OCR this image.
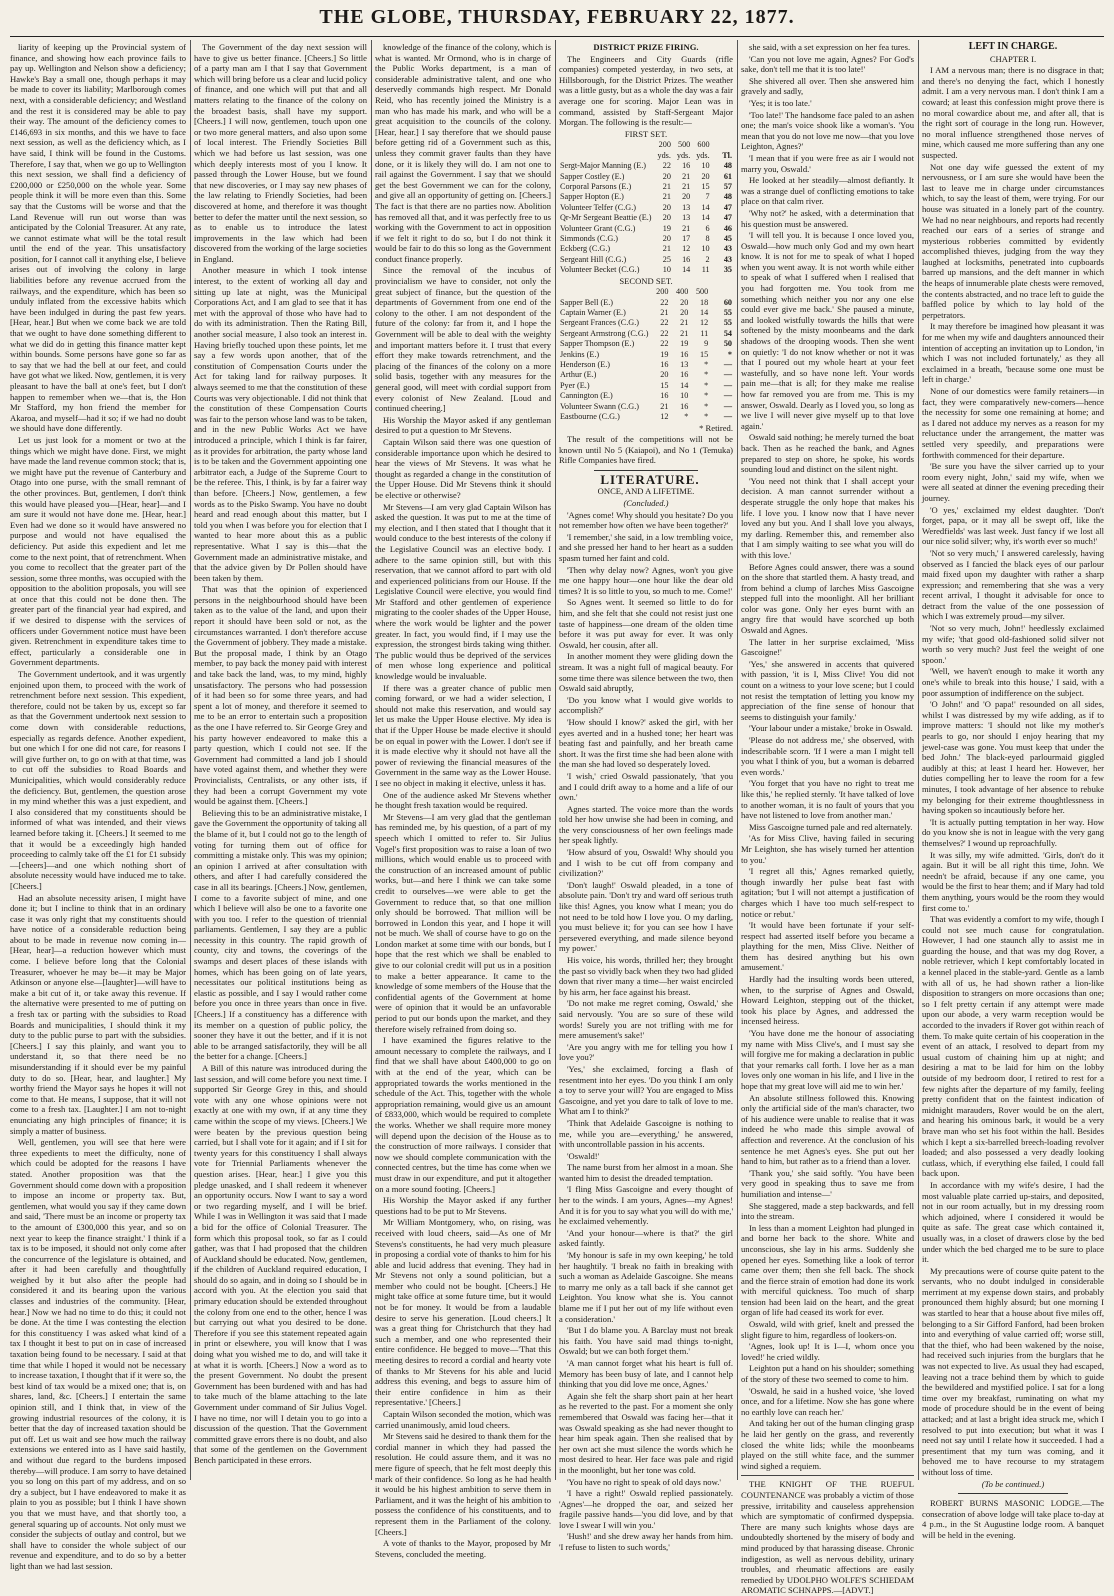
THE GLOBE, THURSDAY, FEBRUARY 22, 1877.

liarity of keeping up the Provincial system of finance, and showing how each province fails to pay up. Wellington and Nelson show a deficiency; Hawke's Bay a small one, though perhaps it may be made to cover its liability; Marlborough comes next, with a considerable deficiency; and Westland and the rest it is considered may be able to pay their way. The amount of the deficiency comes to £146,693 in six months, and this we have to face next session, as well as the deficiency which, as I have said, I think will be found in the Customs. Therefore, I say that, when we go up to Wellington this next session, we shall find a deficiency of £200,000 or £250,000 on the whole year. Some people think it will be more even than this. Some say that the Customs will be worse and that the Land Revenue will run out worse than was anticipated by the Colonial Treasurer. At any rate, we cannot estimate what will be the total result until the end of the year. This unsatisfactory position, for I cannot call it anything else, I believe arises out of involving the colony in large liabilities before any revenue accrued from the railways, and the expenditure, which has been so unduly inflated from the excessive habits which have been indulged in during the past few years. [Hear, hear.] But when we come back we are told that we ought to have done something different to what we did do in getting this finance matter kept within bounds. Some persons have gone so far as to say that we had the bell at our feet, and could have got what we liked. Now, gentlemen, it is very pleasant to have the ball at one's feet, but I don't happen to remember when we—that is, the Hon Mr Stafford, my hon friend the member for Akaroa, and myself—had it so; if we had no doubt we should have done differently.

Let us just look for a moment or two at the things which we might have done. First, we might have made the land revenue common stock; that is, we might have put the revenue of Canterbury and Otago into one purse, with the small remnant of the other provinces. But, gentlemen, I don't think this would have pleased you—[Hear, hear]—and I am sure it would not have done me. [Hear, hear.] Even had we done so it would have answered no purpose and would not have equalised the deficiency. Put aside this expedient and let me come to the next point, that of retrenchment. When you come to recollect that the greater part of the session, some three months, was occupied with the opposition to the abolition proposals, you will see at once that this could not be done then. The greater part of the financial year had expired, and if we desired to dispense with the services of officers under Government notice must have been given. Retrenchment in expenditure takes time to effect, particularly a considerable one in Government departments.

The Government undertook, and it was urgently enjoined upon them, to proceed with the work of retrenchment before next session. This expedient, therefore, could not be taken by us, except so far as that the Government undertook next session to come down with considerable reductions, especially as regards defence. Another expedient, but one which I for one did not care, for reasons I will give further on, to go on with at that time, was to cut off the subsidies to Road Boards and Municipalities, which would considerably reduce the deficiency. But, gentlemen, the question arose in my mind whether this was a just expedient, and I also considered that my constituents should be informed of what was intended, and their views learned before taking it. [Cheers.] It seemed to me that it would be a exceedingly high handed proceeding to calmly take off the £1 for £1 subsidy—[cheers]—and one which nothing short of absolute necessity would have induced me to take. [Cheers.]

Had an absolute necessity arisen, I might have done it; but I incline to think that in an ordinary case it was only right that my constituents should have notice of a considerable reduction being about to be made in revenue now coming in—[Hear, hear]—a reduction however which must come. I believe before long that the Colonial Treasurer, whoever he may be—it may be Major Atkinson or anyone else—[laughter]—will have to make a bit cut of it, or take away this revenue. If the alternative were presented to me of putting on a fresh tax or parting with the subsidies to Road Boards and municipalities, I should think it my duty to the public purse to part with the subsidies. [Cheers.] I say this plainly, and want you to understand it, so that there need be no misunderstanding if it should ever be my painful duty to do so. [Hear, hear, and laughter.] My worthy friend the Mayor says he hopes it will not come to that. He means, I suppose, that it will not come to a fresh tax. [Laughter.] I am not to-night enunciating any high principles of finance; it is simply a matter of business.

Well, gentlemen, you will see that here were three expedients to meet the difficulty, none of which could be adopted for the reasons I have stated. Another proposition was that the Government should come down with a proposition to impose an income or property tax. But, gentlemen, what would you say if they came down and said, 'There must be an income or property tax to the amount of £300,000 this year, and so on next year to keep the finance straight.' I think if a tax is to be imposed, it should not only come after the concurrence of the legislature is obtained, and after it had been carefully and thoughtfully weighed by it but also after the people had considered it and its bearing upon the various classes and industries of the community. [Hear, hear.] Now we had no time to do this; it could not be done. At the time I was contesting the election for this constituency I was asked what kind of a tax I thought it best to put on in case of increased taxation being found to be necessary. I said at that time that while I hoped it would not be necessary to increase taxation, I thought that if it were so, the best kind of tax would be a mixed one; that is, on shares, land, &c. [Cheers.] I entertain the same opinion still, and I think that, in view of the growing industrial resources of the colony, it is better that the day of increased taxation should be put off. Let us wait and see how much the railway extensions we entered into as I have said hastily, and without due regard to the burdens imposed thereby—will produce. I am sorry to have detained you so long on this part of my address, and on so dry a subject, but I have endeavored to make it as plain to you as possible; but I think I have shown you that we must have, and that shortly too, a general squaring up of accounts. Not only must we consider the subjects of outlay and control, but we shall have to consider the whole subject of our revenue and expenditure, and to do so by a better light than we had last session.

The Government of the day next session will have to give us better finance. [Cheers.] So little of a party man am I that I say that Government which will bring before us a clear and lucid policy of finance, and one which will put that and all matters relating to the finance of the colony on the broadest basis, shall have my support. [Cheers.] I will now, gentlemen, touch upon one or two more general matters, and also upon some of local interest. The Friendly Societies Bill which we had before us last session, was one which deeply interests most of you I know. It passed through the Lower House, but we found that new discoveries, or I may say new phases of the law relating to Friendly Societies, had been discovered at home, and therefore it was thought better to defer the matter until the next session, so as to enable us to introduce the latest improvements in the law which had been discovered from the working of the large societies in England.

Another measure in which I took intense interest, to the extent of working all day and sitting up late at night, was the Municipal Corporations Act, and I am glad to see that it has met with the approval of those who have had to do with its administration. Then the Rating Bill, another social measure, I also took an interest in. Having briefly touched upon these points, let me say a few words upon another, that of the constitution of Compensation Courts under the Act for taking land for railway purposes. It always seemed to me that the constitution of these Courts was very objectionable. I did not think that the constitution of these Compensation Courts was fair to the person whose land was to be taken, and in the new Public Works Act we have introduced a principle, which I think is far fairer, as it provides for arbitration, the party whose land is to be taken and the Government appointing one arbitrator each, a Judge of the Supreme Court to be the referee. This, I think, is by far a fairer way than before. [Cheers.] Now, gentlemen, a few words as to the Pisko Swamp. You have no doubt heard and read enough about this matter, but I told you when I was before you for election that I wanted to hear more about this as a public representative. What I say is this—that the Government made an administrative mistake, and that the advice given by Dr Pollen should have been taken by them.

That was that the opinion of experienced persons in the neighbourhood should have been taken as to the value of the land, and upon their report it should have been sold or not, as the circumstances warranted. I don't therefore accuse the Government of jobbery. They made a mistake. But the proposal made, I think by an Otago member, to pay back the money paid with interest and take back the land, was, to my mind, highly unsatisfactory. The persons who had possession of it had been so for some three years, and had spent a lot of money, and therefore it seemed to me to be an error to entertain such a proposition as the one I have referred to. Sir George Grey and his party however endeavored to make this a party question, which I could not see. If the Government had committed a land job I should have voted against them, and whether they were Provincialists, Centralists, or any other ists, if they had been a corrupt Government my vote would be against them. [Cheers.]

Believing this to be an administrative mistake, I gave the Government the opportunity of taking all the blame of it, but I could not go to the length of voting for turning them out of office for committing a mistake only. This was my opinion; an opinion I arrived at after consultation with others, and after I had carefully considered the case in all its bearings. [Cheers.] Now, gentlemen, I come to a favorite subject of mine, and one which I believe will also be one to a favorite one with you too. I refer to the question of triennial parliaments. Gentlemen, I say they are a public necessity in this country. The rapid growth of county, city and towns, the coverings of the swamps and desert places of these islands with homes, which has been going on of late years, necessitates our political institutions being as elastic as possible, and I say I would rather come before you once in three years than once in five. [Cheers.] If a constituency has a difference with its member on a question of public policy, the sooner they have it out the better, and if it is not able to be arranged satisfactorily, they will be all the better for a change. [Cheers.]

A Bill of this nature was introduced during the last session, and will come before you next time. I supported Sir George Grey in this, and should vote with any one whose opinions were not exactly at one with my own, if at any time they came within the scope of my views. [Cheers.] We were beaten by the previous question being carried, but I shall vote for it again; and if I sit for twenty years for this constituency I shall always vote for Triennial Parliaments whenever the question arises. [Hear, hear.] I give you this pledge unasked, and I shall redeem it whenever an opportunity occurs. Now I want to say a word or two regarding myself, and I will be brief. While I was in Wellington it was said that I made a bid for the office of Colonial Treasurer. The form which this proposal took, so far as I could gather, was that I had proposed that the children of Auckland should be educated. Now, gentlemen, if the children of Auckland required education, I should do so again, and in doing so I should be in accord with you. At the election you said that primary education should be extended throughout the colony from one end to the other, hence I was but carrying out what you desired to be done. Therefore if you see this statement repeated again in print or elsewhere, you will know that I was doing what you wished me to do, and will take it at what it is worth. [Cheers.] Now a word as to the present Government. No doubt the present Government has been burdened with and has had to take much of the blame attaching to the late Government under command of Sir Julius Vogel. I have no time, nor will I detain you to go into a discussion of the question. That the Government committed grave errors there is no doubt, and also that some of the gentlemen on the Government Bench participated in these errors.

knowledge of the finance of the colony, which is what is wanted. Mr Ormond, who is in charge of the Public Works department, is a man of considerable administrative talent, and one who deservedly commands high respect. Mr Donald Reid, who has recently joined the Ministry is a man who has made his mark, and who will be a great acquisition to the councils of the colony. [Hear, hear.] I say therefore that we should pause before getting rid of a Government such as this, unless they commit graver faults than they have done, or it is likely they will do. I am not one to rail against the Government. I say that we should get the best Government we can for the colony, and give all an opportunity of getting on. [Cheers.] The fact is that there are no parties now. Abolition has removed all that, and it was perfectly free to us working with the Government to act in opposition if we felt it right to do so, but I do not think it would be fair to do this so long as the Government conduct finance properly.

Since the removal of the incubus of provincialism we have to consider, not only the great subject of finance, but the question of the departments of Government from one end of the colony to the other. I am not despondent of the future of the colony: far from it, and I hope the Government will be able to deal with the weighty and important matters before it. I trust that every effort they make towards retrenchment, and the placing of the finances of the colony on a more solid basis, together with any measures for the general good, will meet with cordial support from every colonist of New Zealand. [Loud and continued cheering.]

His Worship the Mayor asked if any gentleman desired to put a question to Mr Stevens.

Captain Wilson said there was one question of considerable importance upon which he desired to hear the views of Mr Stevens. It was what he thought as regarded a change in the constitution of the Upper House. Did Mr Stevens think it should be elective or otherwise?

Mr Stevens—I am very glad Captain Wilson has asked the question. It was put to me at the time of my election, and I then stated that I thought that it would conduce to the best interests of the colony if the Legislative Council was an elective body. I adhere to the same opinion still, but with this reservation, that we cannot afford to part with old and experienced politicians from our House. If the Legislative Council were elective, you would find Mr Stafford and other gentlemen of experience migrating to the cooler shades of the Upper House, where the work would be lighter and the power greater. In fact, you would find, if I may use the expression, the strongest birds taking wing thither. The public would thus be deprived of the services of men whose long experience and political knowledge would be invaluable.

If there was a greater chance of public men coming forward, or we had a wider selection, I should not make this reservation, and would say let us make the Upper House elective. My idea is that if the Upper House be made elective it should be on equal in power with the Lower. I don't see if it is made elective why it should not have all the power of reviewing the financial measures of the Government in the same way as the Lower House. I see no object in making it elective, unless it has.

One of the audience asked Mr Stevens whether he thought fresh taxation would be required.

Mr Stevens—I am very glad that the gentleman has reminded me, by his question, of a part of my speech which I omitted to refer to. Sir Julius Vogel's first proposition was to raise a loan of two millions, which would enable us to proceed with the construction of an increased amount of public works, but—and here I think we can take some credit to ourselves—we were able to get the Government to reduce that, so that one million only should be borrowed. That million will be borrowed in London this year, and I hope it will not be much. We shall of course have to go on the London market at some time with our bonds, but I hope that the rest which we shall be enabled to give to our colonial credit will put us in a position to make a better appearance. It came to the knowledge of some members of the House that the confidential agents of the Government at home were of opinion that it would be an unfavorable period to put our bonds upon the market, and they therefore wisely refrained from doing so.

I have examined the figures relative to the amount necessary to complete the railways, and I find that we shall have about £400,000 to go on with at the end of the year, which can be appropriated towards the works mentioned in the schedule of the Act. This, together with the whole appropriation remaining, would give us an amount of £833,000, which would be required to complete the works. Whether we shall require more money will depend upon the decision of the House as to the construction of more railways. I consider that now we should complete communication with the connected centres, but the time has come when we must draw in our expenditure, and put it altogether on a more sound footing. [Cheers.]

His Worship the Mayor asked if any further questions had to be put to Mr Stevens.

Mr William Montgomery, who, on rising, was received with loud cheers, said—As one of Mr Stevens's constituents, he had very much pleasure in proposing a cordial vote of thanks to him for his able and lucid address that evening. They had in Mr Stevens not only a sound politician, but a member who could not be bought. [Cheers.] He might take office at some future time, but it would not be for money. It would be from a laudable desire to serve his generation. [Loud cheers.] It was a great thing for Christchurch that they had such a member, and one who represented their entire confidence. He begged to move—'That this meeting desires to record a cordial and hearty vote of thanks to Mr Stevens for his able and lucid address this evening, and begs to assure him of their entire confidence in him as their representative.' [Cheers.]

Captain Wilson seconded the motion, which was carried unanimously, amid loud cheers.

Mr Stevens said he desired to thank them for the cordial manner in which they had passed the resolution. He could assure them, and it was no mere figure of speech, that he felt most deeply this mark of their confidence. So long as he had health it would be his highest ambition to serve them in Parliament, and it was the height of his ambition to possess the confidence of his constituents, and to represent them in the Parliament of the colony. [Cheers.]

A vote of thanks to the Mayor, proposed by Mr Stevens, concluded the meeting.

DISTRICT PRIZE FIRING.

The Engineers and City Guards (rifle companies) competed yesterday, in two sets, at Hillsborough, for the District Prizes. The weather was a little gusty, but as a whole the day was a fair average one for scoring. Major Lean was in command, assisted by Staff-Sergeant Major Morgan. The following is the result:—

FIRST SET.

	200	500	600	
	yds.	yds.	yds.	Tl.
Sergt-Major Manning (E.)	22	16	10	48
Sapper Costley (E.)	20	21	20	61
Corporal Parsons (E.)	21	21	15	57
Sapper Hopton (E.)	21	20	7	48
Volunteer Telfer (C.G.)	20	13	14	47
Qr-Mr Sergeant Beattie (E.)	20	13	14	47
Volunteer Grant (C.G.)	19	21	6	46
Simmonds (C.G.)	20	17	8	45
Eckberg (C.G.)	21	12	10	43
Sergeant Hill (C.G.)	25	16	2	43
Volunteer Becket (C.G.)	10	14	11	35

SECOND SET.

	200	400	500	
Sapper Bell (E.)	22	20	18	60
Captain Warner (E.)	21	20	14	55
Sergeant Frances (C.G.)	22	21	12	55
Sergeant Armstrong (C.G.)	22	21	11	54
Sapper Thompson (E.)	22	19	9	50
Jenkins (E.)	19	16	15	*
Henderson (E.)	16	13	*	—
Arthur (E.)	20	16	*	—
Pyer (E.)	15	14	*	—
Cannington (E.)	16	10	*	—
Volunteer Swann (C.G.)	21	16	*	—
Eastbourne (C.G.)	12	*	*	—

* Retired.

The result of the competitions will not be known until No 5 (Kaiapoi), and No 1 (Temuka) Rifle Companies have fired.

LITERATURE.

ONCE, AND A LIFETIME.

(Concluded.)

'Agnes come! Why should you hesitate? Do you not remember how often we have been together?'

'I remember,' she said, in a low trembling voice, and she pressed her hand to her heart as a sudden spasm turned her faint and cold.

'Then why delay now? Agnes, won't you give me one happy hour—one hour like the dear old times? It is so little to you, so much to me. Come!'

So Agnes went. It seemed so little to do for him, and she felt that she could not resist just one taste of happiness—one dream of the olden time before it was put away for ever. It was only Oswald, her cousin, after all.

In another moment they were gliding down the stream. It was a night full of magical beauty. For some time there was silence between the two, then Oswald said abruptly,

'Do you know what I would give worlds to accomplish?'

'How should I know?' asked the girl, with her eyes averted and in a hushed tone; her heart was beating fast and painfully, and her breath came short. It was the first time she had been alone with the man she had loved so desperately loved.

'I wish,' cried Oswald passionately, 'that you and I could drift away to a home and a life of our own.'

Agnes started. The voice more than the words told her how unwise she had been in coming, and the very consciousness of her own feelings made her speak lightly.

'How absurd of you, Oswald! Why should you and I wish to be cut off from company and civilization?'

'Don't laugh!' Oswald pleaded, in a tone of absolute pain. 'Don't try and ward off serious truth like this! Agnes, you know what I mean; you do not need to be told how I love you. O my darling, you must believe it; for you can see how I have persevered everything, and made silence beyond my power.'

His voice, his words, thrilled her; they brought the past so vividly back when they two had glided down that river many a time—her waist encircled by his arm, her face against his breast.

'Do not make me regret coming, Oswald,' she said nervously. 'You are so sure of these wild words! Surely you are not trifling with me for mere amusement's sake!'

'Are you angry with me for telling you how I love you?'

'Yes,' she exclaimed, forcing a flash of resentment into her eyes. 'Do you think I am only a toy to serve your will? You are engaged to Miss Gascoigne, and yet you dare to talk of love to me. What am I to think?'

'Think that Adelaide Gascoigne is nothing to me, while you are—everything,' he answered, with uncontrollable passion in his accents.

'Oswald!'

The name burst from her almost in a moan. She wanted him to desist the dreaded temptation.

'I fling Miss Gascoigne and every thought of her to the winds. I am yours, Agnes—my Agnes! And it is for you to say what you will do with me,' he exclaimed vehemently.

'And your honour—where is that?' the girl asked faintly.

'My honour is safe in my own keeping,' he told her haughtily. 'I break no faith in breaking with such a woman as Adelaide Gascoigne. She means to marry me only as a tall back if she cannot get Leighton. You know what she is. You cannot blame me if I put her out of my life without even a consideration.'

'But I do blame you. A Barclay must not break his faith. You have said mad things to-night, Oswald; but we can both forget them.'

'A man cannot forget what his heart is full of. Memory has been busy of late, and I cannot help thinking that you did love me once, Agnes.'

Again she felt the sharp short pain at her heart as he reverted to the past. For a moment she only remembered that Oswald was facing her—that it was Oswald speaking as she had never thought to hear him speak again. Then she realised that by her own act she must silence the words which he most desired to hear. Her face was pale and rigid in the moonlight, but her tone was cold.

'You have no right to speak of old days now.'

'I have a right!' Oswald replied passionately. 'Agnes'—he dropped the oar, and seized her fragile passive hands—'you did love, and by that love I swear I will win you.'

'Hush!' and she drew away her hands from him. 'I refuse to listen to such words,'

she said, with a set expression on her fea tures.

'Can you not love me again, Agnes? For God's sake, don't tell me that it is too late!'

She shivered all over. Then she answered him gravely and sadly,

'Yes; it is too late.'

'Too late!' The handsome face paled to an ashen one; the man's voice shook like a woman's. 'You mean that you do not love me now—that you love Leighton, Agnes?'

'I mean that if you were free as air I would not marry you, Oswald.'

He looked at her steadily—almost defiantly. It was a strange duel of conflicting emotions to take place on that calm river.

'Why not?' he asked, with a determination that his question must be answered.

'I will tell you. It is because I once loved you, Oswald—how much only God and my own heart know. It is not for me to speak of what I hoped when you went away. It is not worth while either to speak of what I suffered when I realised that you had forgotten me. You took from me something which neither you nor any one else could ever give me back.' She paused a minute, and looked wistfully towards the hills that were softened by the misty moonbeams and the dark shadows of the drooping woods. Then she went on quietly: 'I do not know whether or not it was that I poured out my whole heart at your feet wastefully, and so have none left. Your words pain me—that is all; for they make me realise how far removed you are from me. This is my answer, Oswald. Dearly as I loved you, so long as we live I will never give myself up to that love again.'

Oswald said nothing; he merely turned the boat back. Then as he reached the bank, and Agnes prepared to step on shore, he spoke, his words sounding loud and distinct on the silent night.

'You need not think that I shall accept your decision. A man cannot surrender without a desperate struggle the only hope that makes his life. I love you. I know now that I have never loved any but you. And I shall love you always, my darling. Remember this, and remember also that I am simply waiting to see what you will do with this love.'

Before Agnes could answer, there was a sound on the shore that startled them. A hasty tread, and from behind a clump of larches Miss Gascoigne stepped full into the moonlight. All her brilliant color was gone. Only her eyes burnt with an angry fire that would have scorched up both Oswald and Agnes.

The latter in her surprise exclaimed, 'Miss Gascoigne!'

'Yes,' she answered in accents that quivered with passion, 'it is I, Miss Clive! You did not count on a witness to your love scene; but I could not resist the temptation of letting you know my appreciation of the fine sense of honour that seems to distinguish your family.'

'Your labour under a mistake,' broke in Oswald.

'Please do not address me,' she observed, with indescribable scorn. 'If I were a man I might tell you what I think of you, but a woman is debarred even words.'

'You forget that you have no right to treat me like this,' he replied sternly. 'It have talked of love to another woman, it is no fault of yours that you have not listened to love from another man.'

Miss Gascoigne turned pale and red alternately.

'As for Miss Clive, having failed in securing Mr Leighton, she has wisely turned her attention to you.'

'I regret all this,' Agnes remarked quietly, though inwardly her pulse beat fast with agitation; 'but I will not attempt a justification of charges which I have too much self-respect to notice or rebut.'

'It would have been fortunate if your self-respect had asserted itself before you became a plaything for the men, Miss Clive. Neither of them has desired anything but his own amusement.'

Hardly had the insulting words been uttered, when, to the surprise of Agnes and Oswald, Howard Leighton, stepping out of the thicket, took his place by Agnes, and addressed the incensed heiress.

'You have done me the honour of associating my name with Miss Clive's, and I must say she will forgive me for making a declaration in public that your remarks call forth. I love her as a man loves only one woman in his life, and I live in the hope that my great love will aid me to win her.'

An absolute stillness followed this. Knowing only the artificial side of the man's character, two of his audience were unable to realise that it was indeed he who made this simple avowal of affection and reverence. At the conclusion of his sentence he met Agnes's eyes. She put out her hand to him, but rather as to a friend than a lover.

'Thank you,' she said softly. 'You have been very good in speaking thus to save me from humiliation and intense—'

She staggered, made a step backwards, and fell into the stream.

In less than a moment Leighton had plunged in and borne her back to the shore. White and unconscious, she lay in his arms. Suddenly she opened her eyes. Something like a look of terror came over them; then she fell back. The shock and the fierce strain of emotion had done its work with merciful quickness. Too much of sharp tension had been laid on the heart, and the great organ of life had ceased its work for ever.

Oswald, wild with grief, knelt and pressed the slight figure to him, regardless of lookers-on.

'Agnes, look up! It is I—I, whom once you loved!' he cried wildly.

Leighton put a hand on his shoulder; something of the story of these two seemed to come to him.

'Oswald, he said in a hushed voice, 'she loved once, and for a lifetime. Now she has gone where no earthly love can reach her.'

And taking her out of the human clinging grasp he laid her gently on the grass, and reverently closed the white lids; while the moonbeams played on the still white face, and the summer wind sighed a requiem.

THE KNIGHT OF THE RUEFUL COUNTENANCE was probably a victim of those pressive, irritability and causeless apprehension which are symptomatic of confirmed dyspepsia. There are many such knights whose days are undoubtedly shortened by the misery of body and mind produced by that harassing disease. Chronic indigestion, as well as nervous debility, urinary troubles, and rheumatic affections are easily remedied by UDOLPHO WOLFE'S SCHIEDAM AROMATIC SCHNAPPS.—[ADVT.]

LEFT IN CHARGE.

CHAPTER I.

I AM a nervous man; there is no disgrace in that; and there's no denying the fact, which I honestly admit. I am a very nervous man. I don't think I am a coward; at least this confession might prove there is no moral cowardice about me, and after all, that is the right sort of courage in the long run. However, no moral influence strengthened those nerves of mine, which caused me more suffering than any one suspected.

Not one day wife guessed the extent of my nervousness, or I am sure she would have been the last to leave me in charge under circumstances which, to say the least of them, were trying. For our house was situated in a lonely part of the country. We had no near neighbours, and reports had recently reached our ears of a series of strange and mysterious robberies committed by evidently accomplished thieves, judging from the way they laughed at locksmiths, penetrated into cupboards barred up mansions, and the deft manner in which the heaps of innumerable plate chests were removed, the contents abstracted, and no trace left to guide the baffled police by which to lay hold of the perpetrators.

It may therefore be imagined how pleasant it was for me when my wife and daughters announced their intention of accepting an invitation up to London, 'in which I was not included fortunately,' as they all exclaimed in a breath, 'because some one must be left in charge.'

None of our domestics were family retainers—in fact, they were comparatively new-comers—hence the necessity for some one remaining at home; and as I dared not adduce my nerves as a reason for my reluctance under the arrangement, the matter was settled very speedily, and preparations were forthwith commenced for their departure.

'Be sure you have the silver carried up to your room every night, John,' said my wife, when we were all seated at dinner the evening preceding their journey.

'O yes,' exclaimed my eldest daughter. 'Don't forget, papa, or it may all be swept off, like the Weredfields' was last week. Just fancy if we lost all our nice solid silver; why, it's worth ever so much!'

'Not so very much,' I answered carelessly, having observed as I fancied the black eyes of our parlour maid fixed upon my daughter with rather a sharp expression; and remembering that she was a very recent arrival, I thought it advisable for once to detract from the value of the one possession of which I was extremely proud—my silver.

'Not so very much, John!' heedlessly exclaimed my wife; 'that good old-fashioned solid silver not worth so very much? Just feel the weight of one spoon.'

'Well, we haven't enough to make it worth any one's while to break into this house,' I said, with a poor assumption of indifference on the subject.

'O John!' and 'O papa!' resounded on all sides, whilst I was distressed by my wife adding, as if to improve matters: 'I should not like my mother's pearls to go, nor should I enjoy hearing that my jewel-case was gone. You must keep that under the bed John.' The black-eyed parlourmaid giggled audibly at this; at least I heard her. However, her duties compelling her to leave the room for a few minutes, I took advantage of her absence to rebuke my belonging for their extreme thoughtlessness in having spoken so incautiously before her.

'It is actually putting temptation in her way. How do you know she is not in league with the very gang themselves?' I wound up reproachfully.

It was silly, my wife admitted. 'Girls, don't do it again. But it will be all right this time, John. We needn't be afraid, because if any one came, you would be the first to hear them; and if Mary had told them anything, yours would be the room they would first come to.'

That was evidently a comfort to my wife, though I could not see much cause for congratulation. However, I had one staunch ally to assist me in guarding the house, and that was my dog Rover, a noble retriever, which I kept comfortably located in a kennel placed in the stable-yard. Gentle as a lamb with all of us, he had shown rather a lion-like disposition to strangers on more occasions than one; so I felt pretty certain if any attempt were made upon our abode, a very warm reception would be accorded to the invaders if Rover got within reach of them. To make quite certain of his cooperation in the event of an attack, I resolved to depart from my usual custom of chaining him up at night; and desiring a mat to be laid for him on the lobby outside of my bedroom door, I retired to rest for a few nights after the departure of my family, feeling pretty confident that on the faintest indication of midnight marauders, Rover would be on the alert, and hearing his ominous bark, it would be a very brave man who set his foot within the hall. Besides which I kept a six-barrelled breech-loading revolver loaded; and also possessed a very deadly looking cutlass, which, if everything else failed, I could fall back upon.

In accordance with my wife's desire, I had the most valuable plate carried up-stairs, and deposited, not in our room actually, but in my dressing room which adjoined, where I considered it would be quite as safe. The great case which contained it, usually was, in a closet of drawers close by the bed under which the bed charged me to be sure to place it.

My precautions were of course quite patent to the servants, who no doubt indulged in considerable merriment at my expense down stairs, and probably pronounced them highly absurd; but one morning I was startled to hear that a house about five miles off, belonging to a Sir Gifford Fanford, had been broken into and everything of value carried off; worse still, that the thief, who had been wakened by the noise, had received such injuries from the burglars that he was not expected to live. As usual they had escaped, leaving not a trace behind them by which to guide the bewildered and mystified police. I sat for a long time over my breakfast, ruminating on what my mode of procedure should be in the event of being attacked; and at last a bright idea struck me, which I resolved to put into execution; but what it was I need not say until I relate how it succeeded. I had a presentiment that my turn was coming, and it behoved me to have recourse to my stratagem without loss of time.

(To be continued.)

ROBERT BURNS MASONIC LODGE.—The consecration of above lodge will take place to-day at 4 p.m., in the St Augustine lodge room. A banquet will be held in the evening.
